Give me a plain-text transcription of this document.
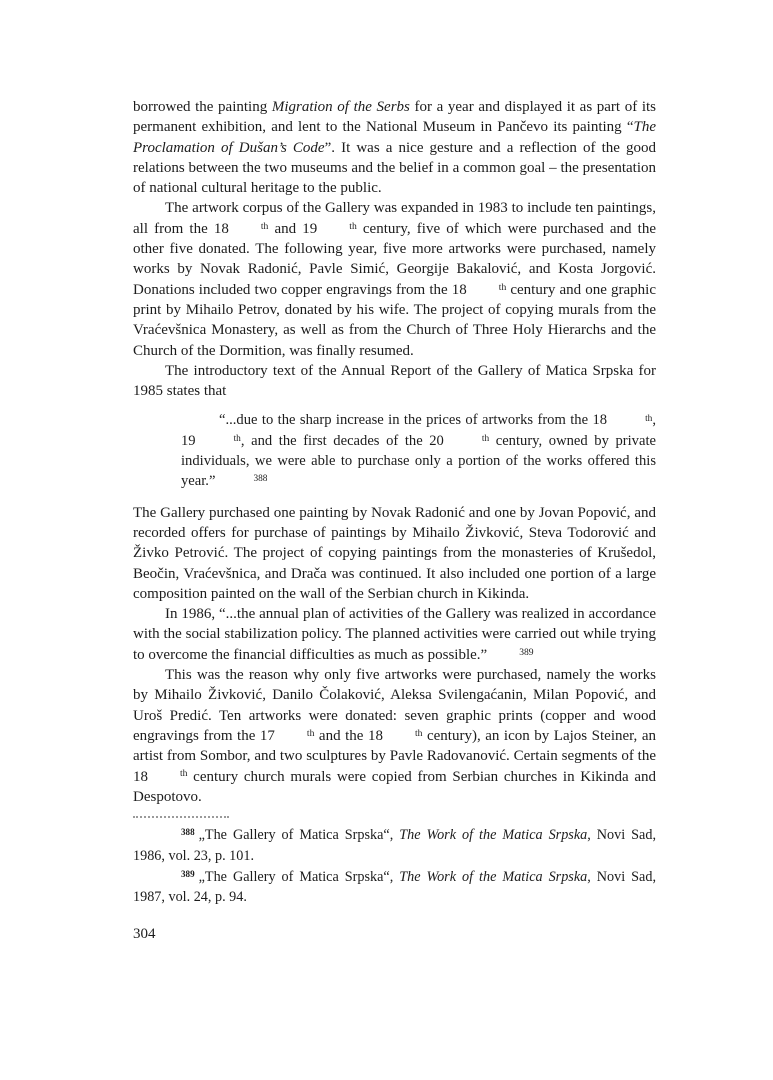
borrowed the painting Migration of the Serbs for a year and displayed it as part of its permanent exhibition, and lent to the National Museum in Pančevo its painting “The Proclamation of Dušan’s Code”. It was a nice gesture and a reflection of the good relations between the two museums and the belief in a common goal – the presentation of national cultural heritage to the public.

The artwork corpus of the Gallery was expanded in 1983 to include ten paintings, all from the 18	th and 19	th century, five of which were purchased and the other five donated. The following year, five more artworks were purchased, namely works by Novak Radonić, Pavle Simić, Georgije Bakalović, and Kosta Jorgović. Donations included two copper engravings from the 18	th century and one graphic print by Mihailo Petrov, donated by his wife. The project of copying murals from the Vraćevšnica Monastery, as well as from the Church of Three Holy Hierarchs and the Church of the Dormition, was finally resumed.

The introductory text of the Annual Report of the Gallery of Matica Srpska for 1985 states that

“...due to the sharp increase in the prices of artworks from the 18	th, 19	th, and the first decades of the 20	th century, owned by private individuals, we were able to purchase only a portion of the works offered this year.”	388

The Gallery purchased one painting by Novak Radonić and one by Jovan Popović, and recorded offers for purchase of paintings by Mihailo Živković, Steva Todorović and Živko Petrović. The project of copying paintings from the monasteries of Krušedol, Beočin, Vraćevšnica, and Drača was continued. It also included one portion of a large composition painted on the wall of the Serbian church in Kikinda.

In 1986, “...the annual plan of activities of the Gallery was realized in accordance with the social stabilization policy. The planned activities were carried out while trying to overcome the financial difficulties as much as possible.”	389

This was the reason why only five artworks were purchased, namely the works by Mihailo Živković, Danilo Čolaković, Aleksa Svilengaćanin, Milan Popović, and Uroš Predić. Ten artworks were donated: seven graphic prints (copper and wood engravings from the 17	th and the 18	th century), an icon by Lajos Steiner, an artist from Sombor, and two sculptures by Pavle Radovanović. Certain segments of the 18	th century church murals were copied from Serbian churches in Kikinda and Despotovo.

388 „The Gallery of Matica Srpska“, The Work of the Matica Srpska, Novi Sad, 1986, vol. 23, p. 101.

389 „The Gallery of Matica Srpska“, The Work of the Matica Srpska, Novi Sad, 1987, vol. 24, p. 94.

304
